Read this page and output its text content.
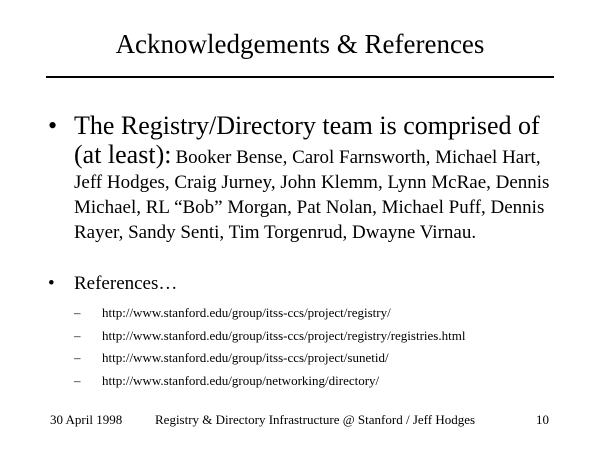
Acknowledgements & References
• The Registry/Directory team is comprised of (at least): Booker Bense, Carol Farnsworth, Michael Hart, Jeff Hodges, Craig Jurney, John Klemm, Lynn McRae, Dennis Michael, RL “Bob” Morgan, Pat Nolan, Michael Puff, Dennis Rayer, Sandy Senti, Tim Torgenrud, Dwayne Virnau.
• References…
– http://www.stanford.edu/group/itss-ccs/project/registry/
– http://www.stanford.edu/group/itss-ccs/project/registry/registries.html
– http://www.stanford.edu/group/itss-ccs/project/sunetid/
– http://www.stanford.edu/group/networking/directory/
30 April 1998	Registry & Directory Infrastructure @ Stanford / Jeff Hodges	10
